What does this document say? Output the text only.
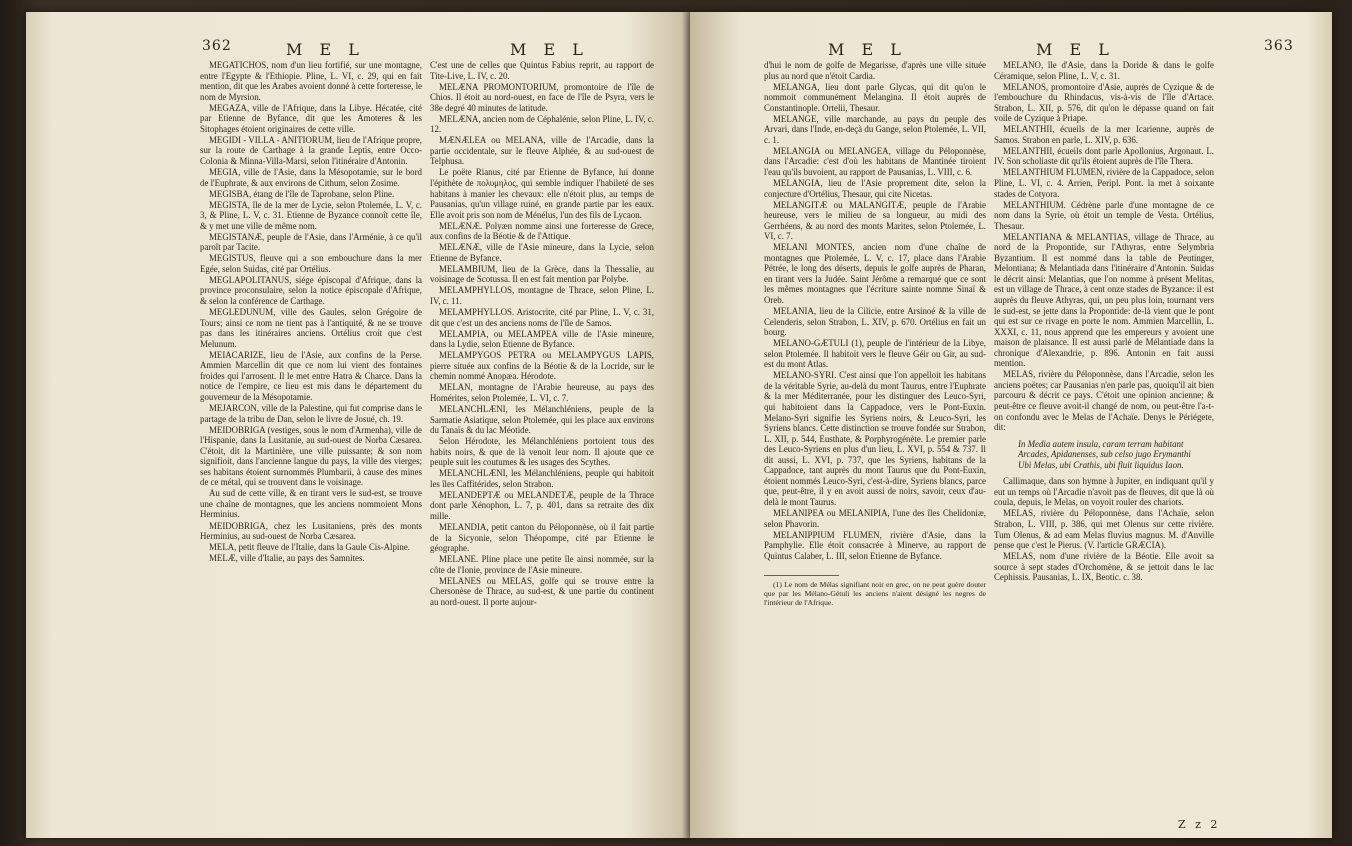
362	M E L	M E L

MEGATICHOS, nom d'un lieu fortifié, sur une montagne, entre l'Egypte & l'Ethiopie. Pline, L. VI, c. 29, qui en fait mention, dit que les Arabes avoient donné à cette forteresse, le nom de Myrsion.

MEGAZA, ville de l'Afrique, dans la Libye. Hécatée, cité par Etienne de Byfance, dit que les Amoteres & les Sitophages étoient originaires de cette ville.

MEGIDI - VILLA - ANITIORUM, lieu de l'Afrique propre, sur la route de Carthage à la grande Leptis, entre Occo-Colonia & Minna-Villa-Marsi, selon l'itinéraire d'Antonin.

MEGIA, ville de l'Asie, dans la Mésopotamie, sur le bord de l'Euphrate, & aux environs de Cithum, selon Zosime.

MEGISBA, étang de l'île de Taprobane, selon Pline.

MEGISTA, île de la mer de Lycie, selon Ptolemée, L. V, c. 3, & Pline, L. V, c. 31. Etienne de Byzance connoît cette île, & y met une ville de même nom.

MEGISTANÆ, peuple de l'Asie, dans l'Arménie, à ce qu'il paroît par Tacite.

MEGISTUS, fleuve qui a son embouchure dans la mer Egée, selon Suidas, cité par Ortélius.

MEGLAPOLITANUS, siége épiscopal d'Afrique, dans la province proconsulaire, selon la notice épiscopale d'Afrique, & selon la conférence de Carthage.

MEGLEDUNUM, ville des Gaules, selon Grégoire de Tours; ainsi ce nom ne tient pas à l'antiquité, & ne se trouve pas dans les itinéraires anciens. Ortélius croit que c'est Melunum.

MEIACARIZE, lieu de l'Asie, aux confins de la Perse. Ammien Marcellin dit que ce nom lui vient des fontaines froides qui l'arrosent. Il le met entre Hatra & Charce. Dans la notice de l'empire, ce lieu est mis dans le département du gouverneur de la Mésopotamie.

MEJARCON, ville de la Palestine, qui fut comprise dans le partage de la tribu de Dan, selon le livre de Josué, ch. 19.

MEIDOBRIGA (vestiges, sous le nom d'Armenha), ville de l'Hispanie, dans la Lusitanie, au sud-ouest de Norba Cæsarea. C'étoit, dit la Martinière, une ville puissante; & son nom signifioit, dans l'ancienne langue du pays, la ville des vierges; ses habitans étoient surnommés Plumbarii, à cause des mines de ce métal, qui se trouvent dans le voisinage.

Au sud de cette ville, & en tirant vers le sud-est, se trouve une chaîne de montagnes, que les anciens nommoient Mons Herminius.

MEIDOBRIGA, chez les Lusitaniens, près des monts Herminius, au sud-ouest de Norba Cæsarea.

MELA, petit fleuve de l'Italie, dans la Gaule Cis-Alpine.

MELÆ, ville d'Italie, au pays des Samnites.

C'est une de celles que Quintus Fabius reprit, au rapport de Tite-Live, L. IV, c. 20.

MELÆNA PROMONTORIUM, promontoire de l'île de Chios. Il étoit au nord-ouest, en face de l'île de Psyra, vers le 38e degré 40 minutes de latitude.

MELÆNA, ancien nom de Céphalénie, selon Pline, L. IV, c. 12.

MÆNÆLEA ou MELANA, ville de l'Arcadie, dans la partie occidentale, sur le fleuve Alphée, & au sud-ouest de Telphusa.

Le poëte Rianus, cité par Etienne de Byfance, lui donne l'épithète de πολυμηλος, qui semble indiquer l'habileté de ses habitans à manier les chevaux: elle n'étoit plus, au temps de Pausanias, qu'un village ruiné, en grande partie par les eaux. Elle avoit pris son nom de Ménélus, l'un des fils de Lycaon.

MELÆNÆ. Polyæn nomme ainsi une forteresse de Grece, aux confins de la Béotie & de l'Attique.

MELÆNÆ, ville de l'Asie mineure, dans la Lycie, selon Etienne de Byfance.

MELAMBIUM, lieu de la Grèce, dans la Thessalie, au voisinage de Scotussa. Il en est fait mention par Polybe.

MELAMPHYLLOS, montagne de Thrace, selon Pline, L. IV, c. 11.

MELAMPHYLLOS. Aristocrite, cité par Pline, L. V, c. 31, dit que c'est un des anciens noms de l'île de Samos.

MELAMPIA, ou MELAMPEA ville de l'Asie mineure, dans la Lydie, selon Etienne de Byfance.

MELAMPYGOS PETRA ou MELAMPYGUS LAPIS, pierre située aux confins de la Béotie & de la Locride, sur le chemin nommé Anopæa. Hérodote.

MELAN, montagne de l'Arabie heureuse, au pays des Homérites, selon Ptolemée, L. VI, c. 7.

MELANCHLÆNI, les Mélanchléniens, peuple de la Sarmatie Asiatique, selon Ptolemée, qui les place aux environs du Tanaïs & du lac Méotide.

Selon Hérodote, les Mélanchléniens portoient tous des habits noirs, & que de là venoit leur nom. Il ajoute que ce peuple suit les coutumes & les usages des Scythes.

MELANCHLÆNI, les Mélanchléniens, peuple qui habitoit les îles Caffitérides, selon Strabon.

MELANDEPTÆ ou MELANDETÆ, peuple de la Thrace dont parle Xénophon, L. 7, p. 401, dans sa retraite des dix mille.

MELANDIA, petit canton du Péloponnèse, où il fait partie de la Sicyonie, selon Théopompe, cité par Etienne le géographe.

MELANE. Pline place une petite île ainsi nommée, sur la côte de l'Ionie, province de l'Asie mineure.

MELANES ou MELAS, golfe qui se trouve entre la Chersonèse de Thrace, au sud-est, & une partie du continent au nord-ouest. Il porte aujour-

M E L	M E L	363

d'hui le nom de golfe de Megarisse, d'après une ville située plus au nord que n'étoit Cardia.

MELANGA, lieu dont parle Glycas, qui dit qu'on le nommoit communément Melangina. Il étoit auprès de Constantinople. Ortelii, Thesaur.

MELANGE, ville marchande, au pays du peuple des Arvari, dans l'Inde, en-deçà du Gange, selon Ptolemée, L. VII, c. 1.

MELANGIA ou MELANGEA, village du Péloponnèse, dans l'Arcadie: c'est d'où les habitans de Mantinée tiroient l'eau qu'ils buvoient, au rapport de Pausanias, L. VIII, c. 6.

MELANGIA, lieu de l'Asie proprement dite, selon la conjecture d'Ortélius, Thesaur, qui cite Nicetas.

MELANGITÆ ou MALANGITÆ, peuple de l'Arabie heureuse, vers le milieu de sa longueur, au midi des Gerrhéens, & au nord des monts Marites, selon Ptolemée, L. VI, c. 7.

MELANI MONTES, ancien nom d'une chaîne de montagnes que Ptolemée, L. V, c. 17, place dans l'Arabie Pétrée, le long des déserts, depuis le golfe auprès de Pharan, en tirant vers la Judée. Saint Jérôme a remarqué que ce sont les mêmes montagnes que l'écriture sainte nomme Sinaï & Oreb.

MELANIA, lieu de la Cilicie, entre Arsinoé & la ville de Celenderis, selon Strabon, L. XIV, p. 670. Ortélius en fait un bourg.

MELANO-GÆTULI (1), peuple de l'intérieur de la Libye, selon Ptolemée. Il habitoit vers le fleuve Géir ou Gir, au sud-est du mont Atlas.

MELANO-SYRI. C'est ainsi que l'on appelloit les habitans de la véritable Syrie, au-delà du mont Taurus, entre l'Euphrate & la mer Méditerranée, pour les distinguer des Leuco-Syri, qui habitoient dans la Cappadoce, vers le Pont-Euxin. Melano-Syri signifie les Syriens noirs, & Leuco-Syri, les Syriens blancs. Cette distinction se trouve fondée sur Strabon, L. XII, p. 544, Eusthate, & Porphyrogénète. Le premier parle des Leuco-Syriens en plus d'un lieu, L. XVI, p. 554 & 737. Il dit aussi, L. XVI, p. 737, que les Syriens, habitans de la Cappadoce, tant auprès du mont Taurus que du Pont-Euxin, étoient nommés Leuco-Syri, c'est-à-dire, Syriens blancs, parce que, peut-être, il y en avoit aussi de noirs, savoir, ceux d'au-delà le mont Taurus.

MELANIPEA ou MELANIPIA, l'une des îles Chelidoniæ, selon Phavorin.

MELANIPPIUM FLUMEN, rivière d'Asie, dans la Pamphylie. Elle étoit consacrée à Minerve, au rapport de Quintus Calaber, L. III, selon Etienne de Byfance.

(1) Le nom de Mélas signifiant noir en grec, on ne peut guère douter que par les Mélano-Gétuli les anciens n'aient désigné les negres de l'intérieur de l'Afrique.

MELANO, île d'Asie, dans la Doride & dans le golfe Céramique, selon Pline, L. V, c. 31.

MELANOS, promontoire d'Asie, auprès de Cyzique & de l'embouchure du Rhindacus, vis-à-vis de l'île d'Artace. Strabon, L. XII, p. 576, dit qu'on le dépasse quand on fait voile de Cyzique à Priape.

MELANTHII, écueils de la mer Icarienne, auprès de Samos. Strabon en parle, L. XIV, p. 636.

MELANTHII, écueils dont parle Apollonius, Argonaut. L. IV. Son scholiaste dit qu'ils étoient auprès de l'île Thera.

MELANTHIUM FLUMEN, rivière de la Cappadoce, selon Pline, L. VI, c. 4. Arrien, Peripl. Pont. la met à soixante stades de Cotyora.

MELANTHIUM. Cédrène parle d'une montagne de ce nom dans la Syrie, où étoit un temple de Vesta. Ortélius, Thesaur.

MELANTIANA & MELANTIAS, village de Thrace, au nord de la Propontide, sur l'Athyras, entre Selymbria Byzantium. Il est nommé dans la table de Peutinger, Melontiana; & Melantiada dans l'itinéraire d'Antonin. Suidas le décrit ainsi: Melantias, que l'on nomme à présent Melitas, est un village de Thrace, à cent onze stades de Byzance: il est auprès du fleuve Athyras, qui, un peu plus loin, tournant vers le sud-est, se jette dans la Propontide: de-là vient que le pont qui est sur ce rivage en porte le nom. Ammien Marcellin, L. XXXI, c. 11, nous apprend que les empereurs y avoient une maison de plaisance. Il est aussi parlé de Mélantiade dans la chronique d'Alexandrie, p. 896. Antonin en fait aussi mention.

MELAS, rivière du Péloponnèse, dans l'Arcadie, selon les anciens poëtes; car Pausanias n'en parle pas, quoiqu'il ait bien parcouru & décrit ce pays. C'étoit une opinion ancienne; & peut-être ce fleuve avoit-il changé de nom, ou peut-être l'a-t-on confondu avec le Melas de l'Achaïe. Denys le Périégete, dit:

In Media autem insula, caram terram habitant
Arcades, Apidanenses, sub celso jugo Erymanthi
Ubi Melas, ubi Crathis, ubi fluit liquidus Iaon.

Callimaque, dans son hymne à Jupiter, en indiquant qu'il y eut un temps où l'Arcadie n'avoit pas de fleuves, dit que là où coula, depuis, le Melas, on voyoit rouler des chariots.

MELAS, rivière du Péloponnèse, dans l'Achaïe, selon Strabon, L. VIII, p. 386, qui met Olenus sur cette rivière. Tum Olenus, & ad eam Melas fluvius magnus. M. d'Anville pense que c'est le Pierus. (V. l'article GRÆCIA).

MELAS, nom d'une rivière de la Béotie. Elle avoit sa source à sept stades d'Orchomène, & se jettoit dans le lac Cephissis. Pausanias, L. IX, Beotic. c. 38.

Z z 2
